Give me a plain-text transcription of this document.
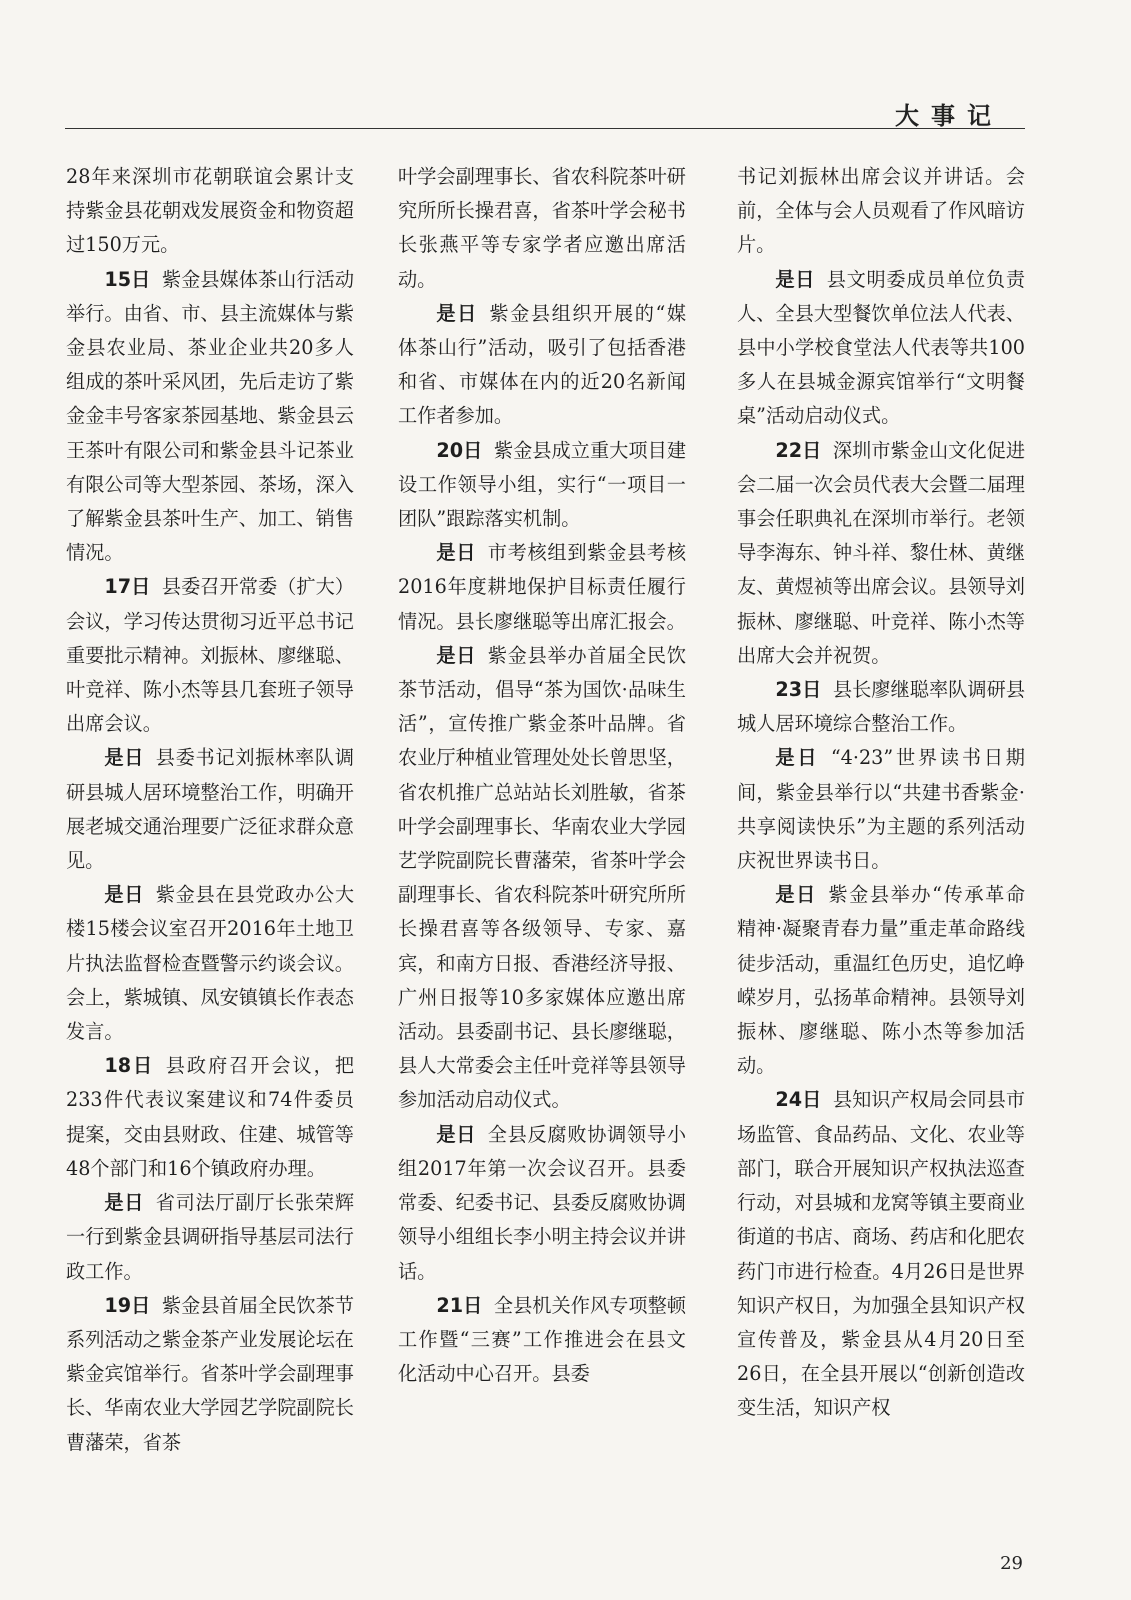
大事记

28年来深圳市花朝联谊会累计支持紫金县花朝戏发展资金和物资超过150万元。

15日 紫金县媒体茶山行活动举行。由省、市、县主流媒体与紫金县农业局、茶业企业共20多人组成的茶叶采风团，先后走访了紫金金丰号客家茶园基地、紫金县云王茶叶有限公司和紫金县斗记茶业有限公司等大型茶园、茶场，深入了解紫金县茶叶生产、加工、销售情况。

17日 县委召开常委（扩大）会议，学习传达贯彻习近平总书记重要批示精神。刘振林、廖继聪、叶竞祥、陈小杰等县几套班子领导出席会议。

是日 县委书记刘振林率队调研县城人居环境整治工作，明确开展老城交通治理要广泛征求群众意见。

是日 紫金县在县党政办公大楼15楼会议室召开2016年土地卫片执法监督检查暨警示约谈会议。会上，紫城镇、凤安镇镇长作表态发言。

18日 县政府召开会议，把233件代表议案建议和74件委员提案，交由县财政、住建、城管等48个部门和16个镇政府办理。

是日 省司法厅副厅长张荣辉一行到紫金县调研指导基层司法行政工作。

19日 紫金县首届全民饮茶节系列活动之紫金茶产业发展论坛在紫金宾馆举行。省茶叶学会副理事长、华南农业大学园艺学院副院长曹藩荣，省茶

叶学会副理事长、省农科院茶叶研究所所长操君喜，省茶叶学会秘书长张燕平等专家学者应邀出席活动。

是日 紫金县组织开展的“媒体茶山行”活动，吸引了包括香港和省、市媒体在内的近20名新闻工作者参加。

20日 紫金县成立重大项目建设工作领导小组，实行“一项目一团队”跟踪落实机制。

是日 市考核组到紫金县考核2016年度耕地保护目标责任履行情况。县长廖继聪等出席汇报会。

是日 紫金县举办首届全民饮茶节活动，倡导“茶为国饮·品味生活”，宣传推广紫金茶叶品牌。省农业厅种植业管理处处长曾思坚，省农机推广总站站长刘胜敏，省茶叶学会副理事长、华南农业大学园艺学院副院长曹藩荣，省茶叶学会副理事长、省农科院茶叶研究所所长操君喜等各级领导、专家、嘉宾，和南方日报、香港经济导报、广州日报等10多家媒体应邀出席活动。县委副书记、县长廖继聪，县人大常委会主任叶竞祥等县领导参加活动启动仪式。

是日 全县反腐败协调领导小组2017年第一次会议召开。县委常委、纪委书记、县委反腐败协调领导小组组长李小明主持会议并讲话。

21日 全县机关作风专项整顿工作暨“三赛”工作推进会在县文化活动中心召开。县委

书记刘振林出席会议并讲话。会前，全体与会人员观看了作风暗访片。

是日 县文明委成员单位负责人、全县大型餐饮单位法人代表、县中小学校食堂法人代表等共100多人在县城金源宾馆举行“文明餐桌”活动启动仪式。

22日 深圳市紫金山文化促进会二届一次会员代表大会暨二届理事会任职典礼在深圳市举行。老领导李海东、钟斗祥、黎仕林、黄继友、黄煜祯等出席会议。县领导刘振林、廖继聪、叶竞祥、陈小杰等出席大会并祝贺。

23日 县长廖继聪率队调研县城人居环境综合整治工作。

是日 “4·23”世界读书日期间，紫金县举行以“共建书香紫金·共享阅读快乐”为主题的系列活动庆祝世界读书日。

是日 紫金县举办“传承革命精神·凝聚青春力量”重走革命路线徒步活动，重温红色历史，追忆峥嵘岁月，弘扬革命精神。县领导刘振林、廖继聪、陈小杰等参加活动。

24日 县知识产权局会同县市场监管、食品药品、文化、农业等部门，联合开展知识产权执法巡查行动，对县城和龙窝等镇主要商业街道的书店、商场、药店和化肥农药门市进行检查。4月26日是世界知识产权日，为加强全县知识产权宣传普及，紫金县从4月20日至26日，在全县开展以“创新创造改变生活，知识产权

29
